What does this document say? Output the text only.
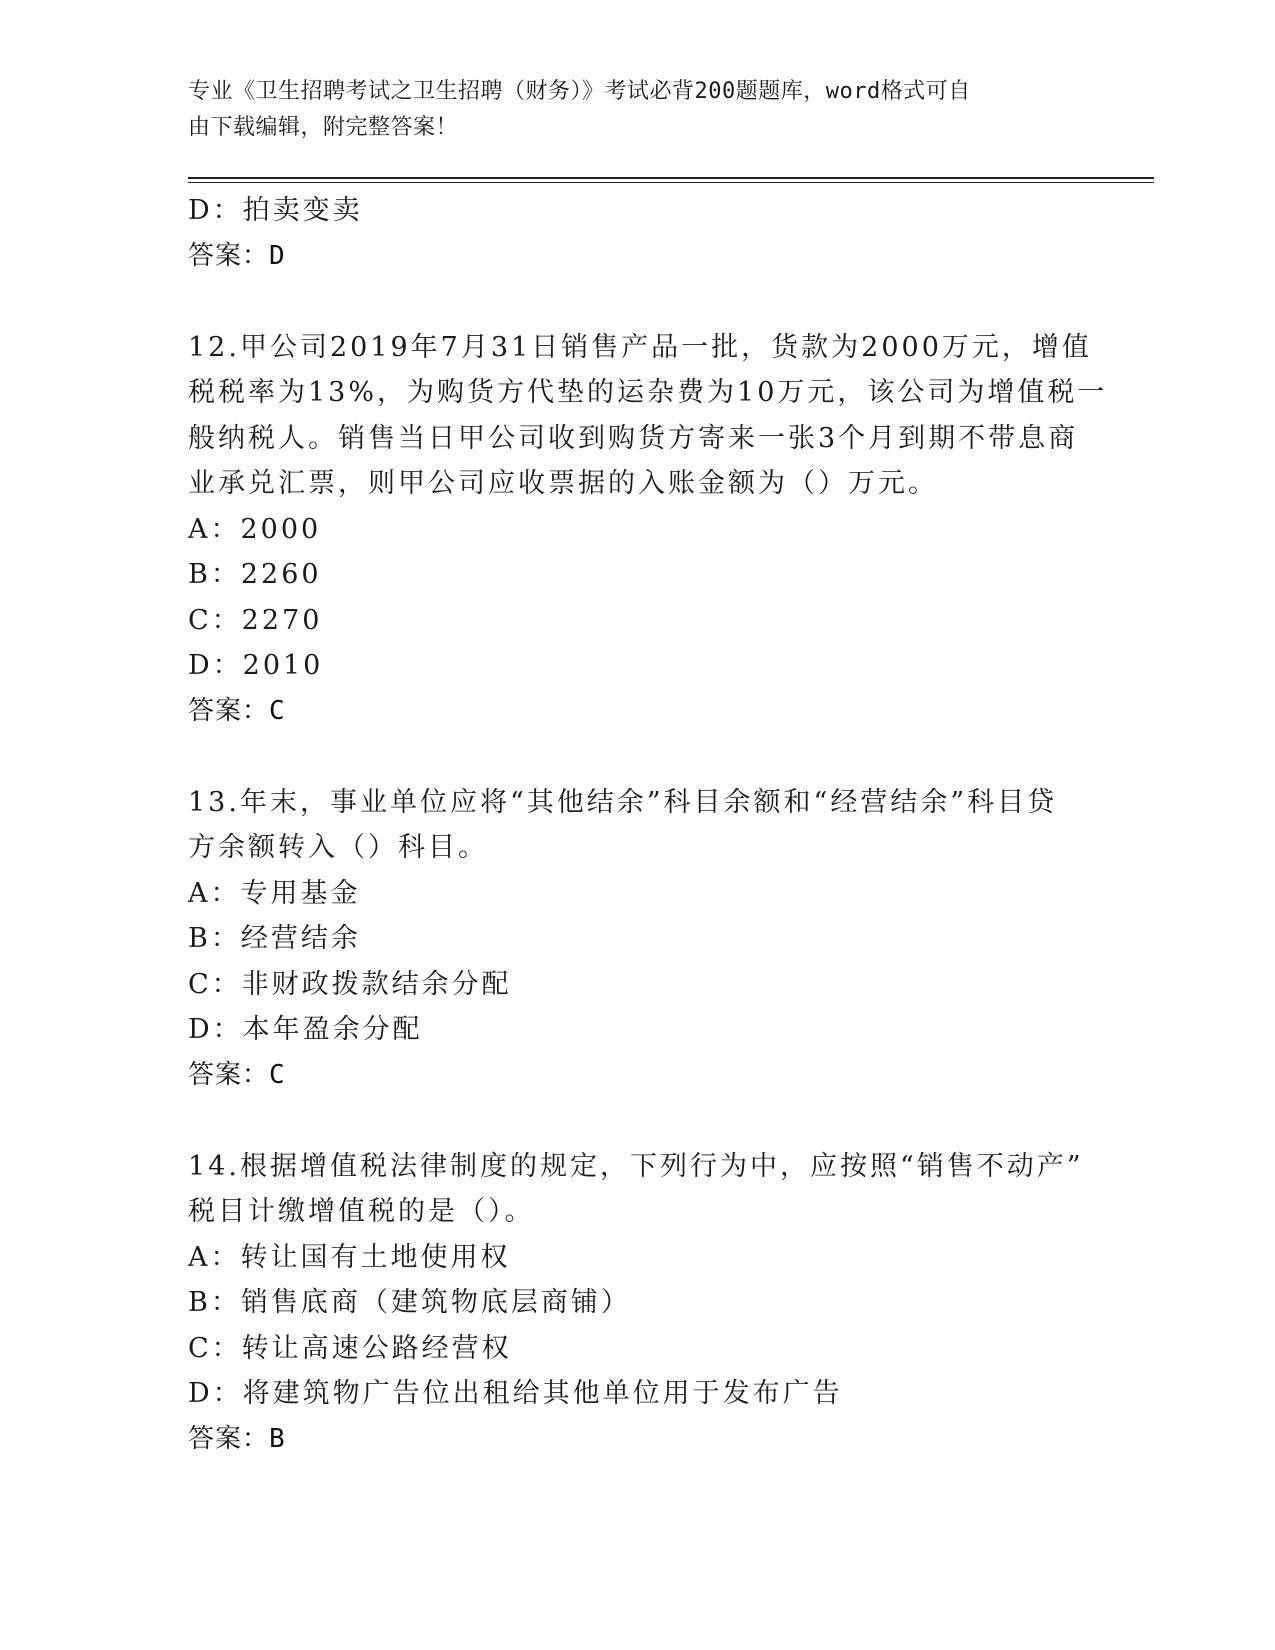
专业《卫生招聘考试之卫生招聘（财务）》考试必背200题题库，word格式可自
由下载编辑，附完整答案！
D：拍卖变卖
答案：D
12.甲公司2019年7月31日销售产品一批，货款为2000万元，增值
税税率为13%，为购货方代垫的运杂费为10万元，该公司为增值税一
般纳税人。销售当日甲公司收到购货方寄来一张3个月到期不带息商
业承兑汇票，则甲公司应收票据的入账金额为（）万元。
A：2000
B：2260
C：2270
D：2010
答案：C
13.年末，事业单位应将“其他结余”科目余额和“经营结余”科目贷
方余额转入（）科目。
A：专用基金
B：经营结余
C：非财政拨款结余分配
D：本年盈余分配
答案：C
14.根据增值税法律制度的规定，下列行为中，应按照“销售不动产”
税目计缴增值税的是（）。
A：转让国有土地使用权
B：销售底商（建筑物底层商铺）
C：转让高速公路经营权
D：将建筑物广告位出租给其他单位用于发布广告
答案：B
